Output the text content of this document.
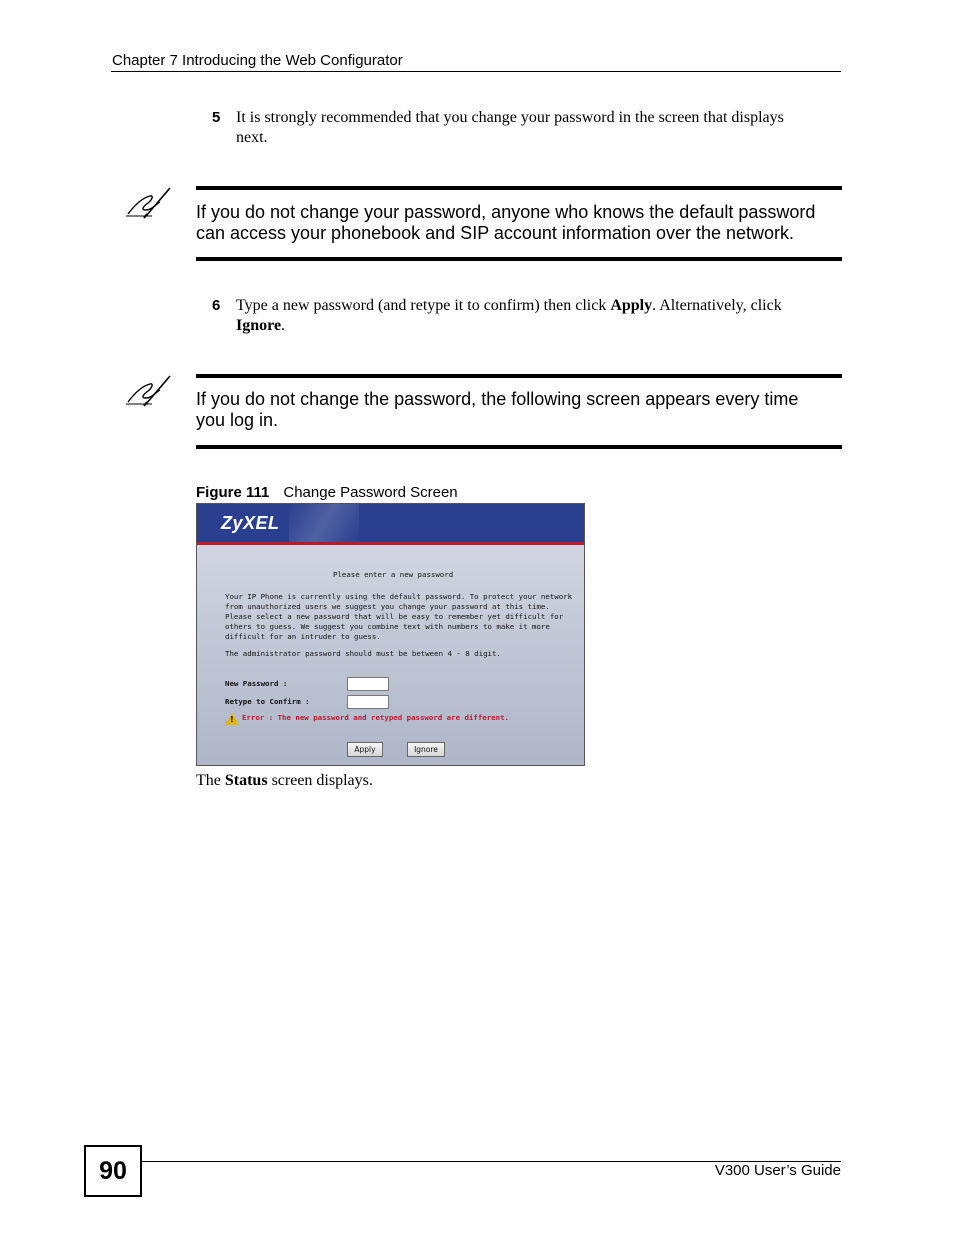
Chapter 7 Introducing the Web Configurator
5 It is strongly recommended that you change your password in the screen that displays
next.
If you do not change your password, anyone who knows the default password
can access your phonebook and SIP account information over the network.
6 Type a new password (and retype it to confirm) then click Apply. Alternatively, click
Ignore.
If you do not change the password, the following screen appears every time
you log in.
Figure 111 Change Password Screen
ZyXEL
Please enter a new password
Your IP Phone is currently using the default password. To protect your network
from unauthorized users we suggest you change your password at this time.
Please select a new password that will be easy to remember yet difficult for
others to guess. We suggest you combine text with numbers to make it more
difficult for an intruder to guess.
The administrator password should must be between 4 - 8 digit.
New Password :
Retype to Confirm :
! Error : The new password and retyped password are different.
Apply	Ignore
The Status screen displays.
90	V300 User’s Guide
